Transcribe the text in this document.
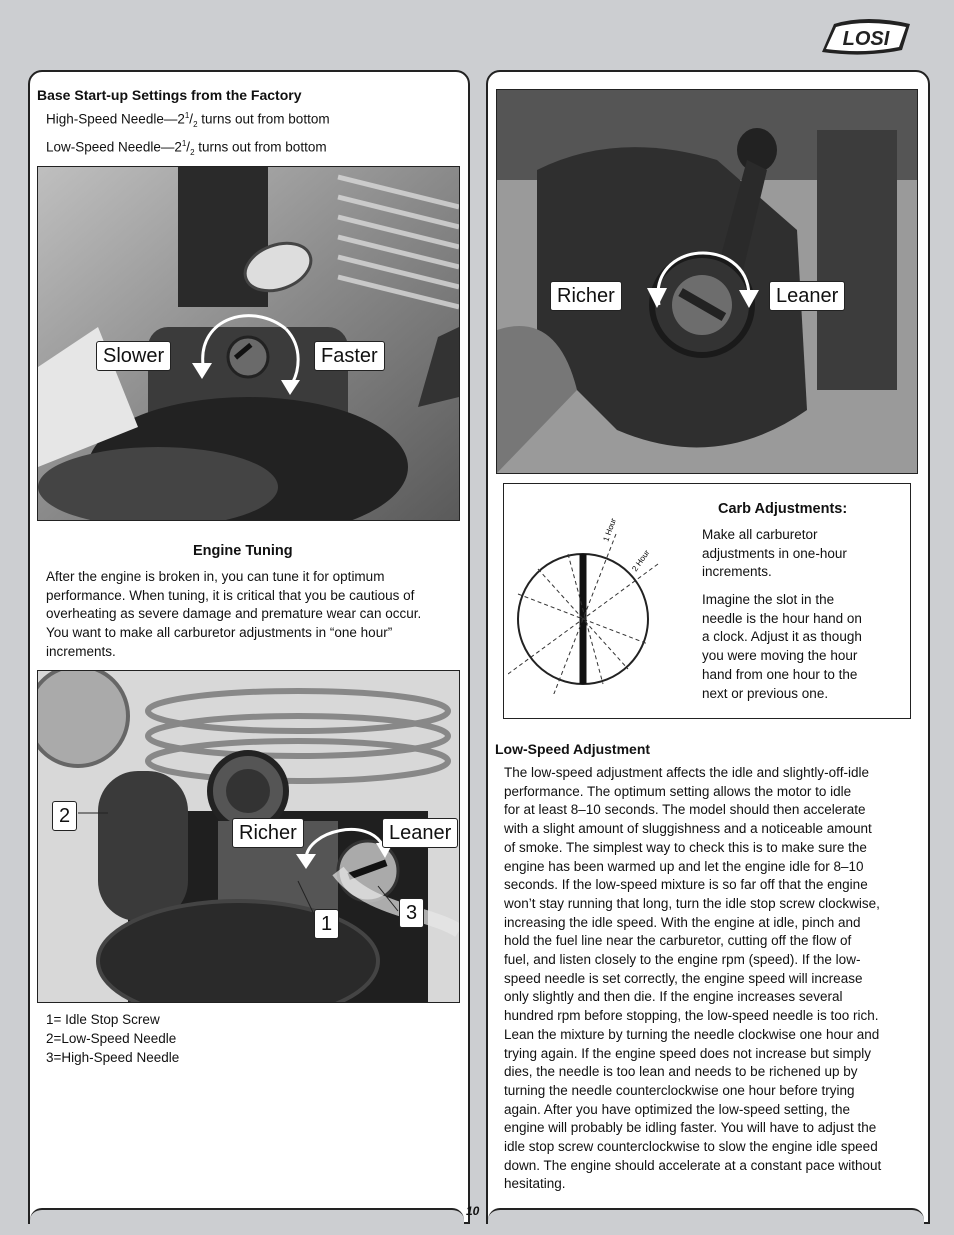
LOSI
10
Base Start-up Settings from the Factory
High-Speed $Needle—2^1/_2$ turns out from bottom
Low-Speed $Needle—2^1/_2$ turns out from bottom
Slower	Faster
Engine Tuning
After the engine is broken in, you can tune it for optimum
performance. When tuning, it is critical that you be cautious of
overheating as severe damage and premature wear can occur.
You want to make all carburetor adjustments in “one hour”
increments.
Richer	Leaner
2
1	3
1= Idle Stop Screw
2=Low-Speed Needle
3=High-Speed Needle
Richer	Leaner
1 Hour
2 Hour
Carb Adjustments:
Make all carburetor
adjustments in one-hour
increments.
Imagine the slot in the
needle is the hour hand on
a clock. Adjust it as though
you were moving the hour
hand from one hour to the
next or previous one.
Low-Speed Adjustment
The low-speed adjustment affects the idle and slightly-off-idle
performance. The optimum setting allows the motor to idle
for at least 8–10 seconds. The model should then accelerate
with a slight amount of sluggishness and a noticeable amount
of smoke. The simplest way to check this is to make sure the
engine has been warmed up and let the engine idle for 8–10
seconds. If the low-speed mixture is so far off that the engine
won’t stay running that long, turn the idle stop screw clockwise,
increasing the idle speed. With the engine at idle, pinch and
hold the fuel line near the carburetor, cutting off the flow of
fuel, and listen closely to the engine rpm (speed). If the low-
speed needle is set correctly, the engine speed will increase
only slightly and then die. If the engine increases several
hundred rpm before stopping, the low-speed needle is too rich.
Lean the mixture by turning the needle clockwise one hour and
trying again. If the engine speed does not increase but simply
dies, the needle is too lean and needs to be richened up by
turning the needle counterclockwise one hour before trying
again. After you have optimized the low-speed setting, the
engine will probably be idling faster. You will have to adjust the
idle stop screw counterclockwise to slow the engine idle speed
down. The engine should accelerate at a constant pace without
hesitating.
